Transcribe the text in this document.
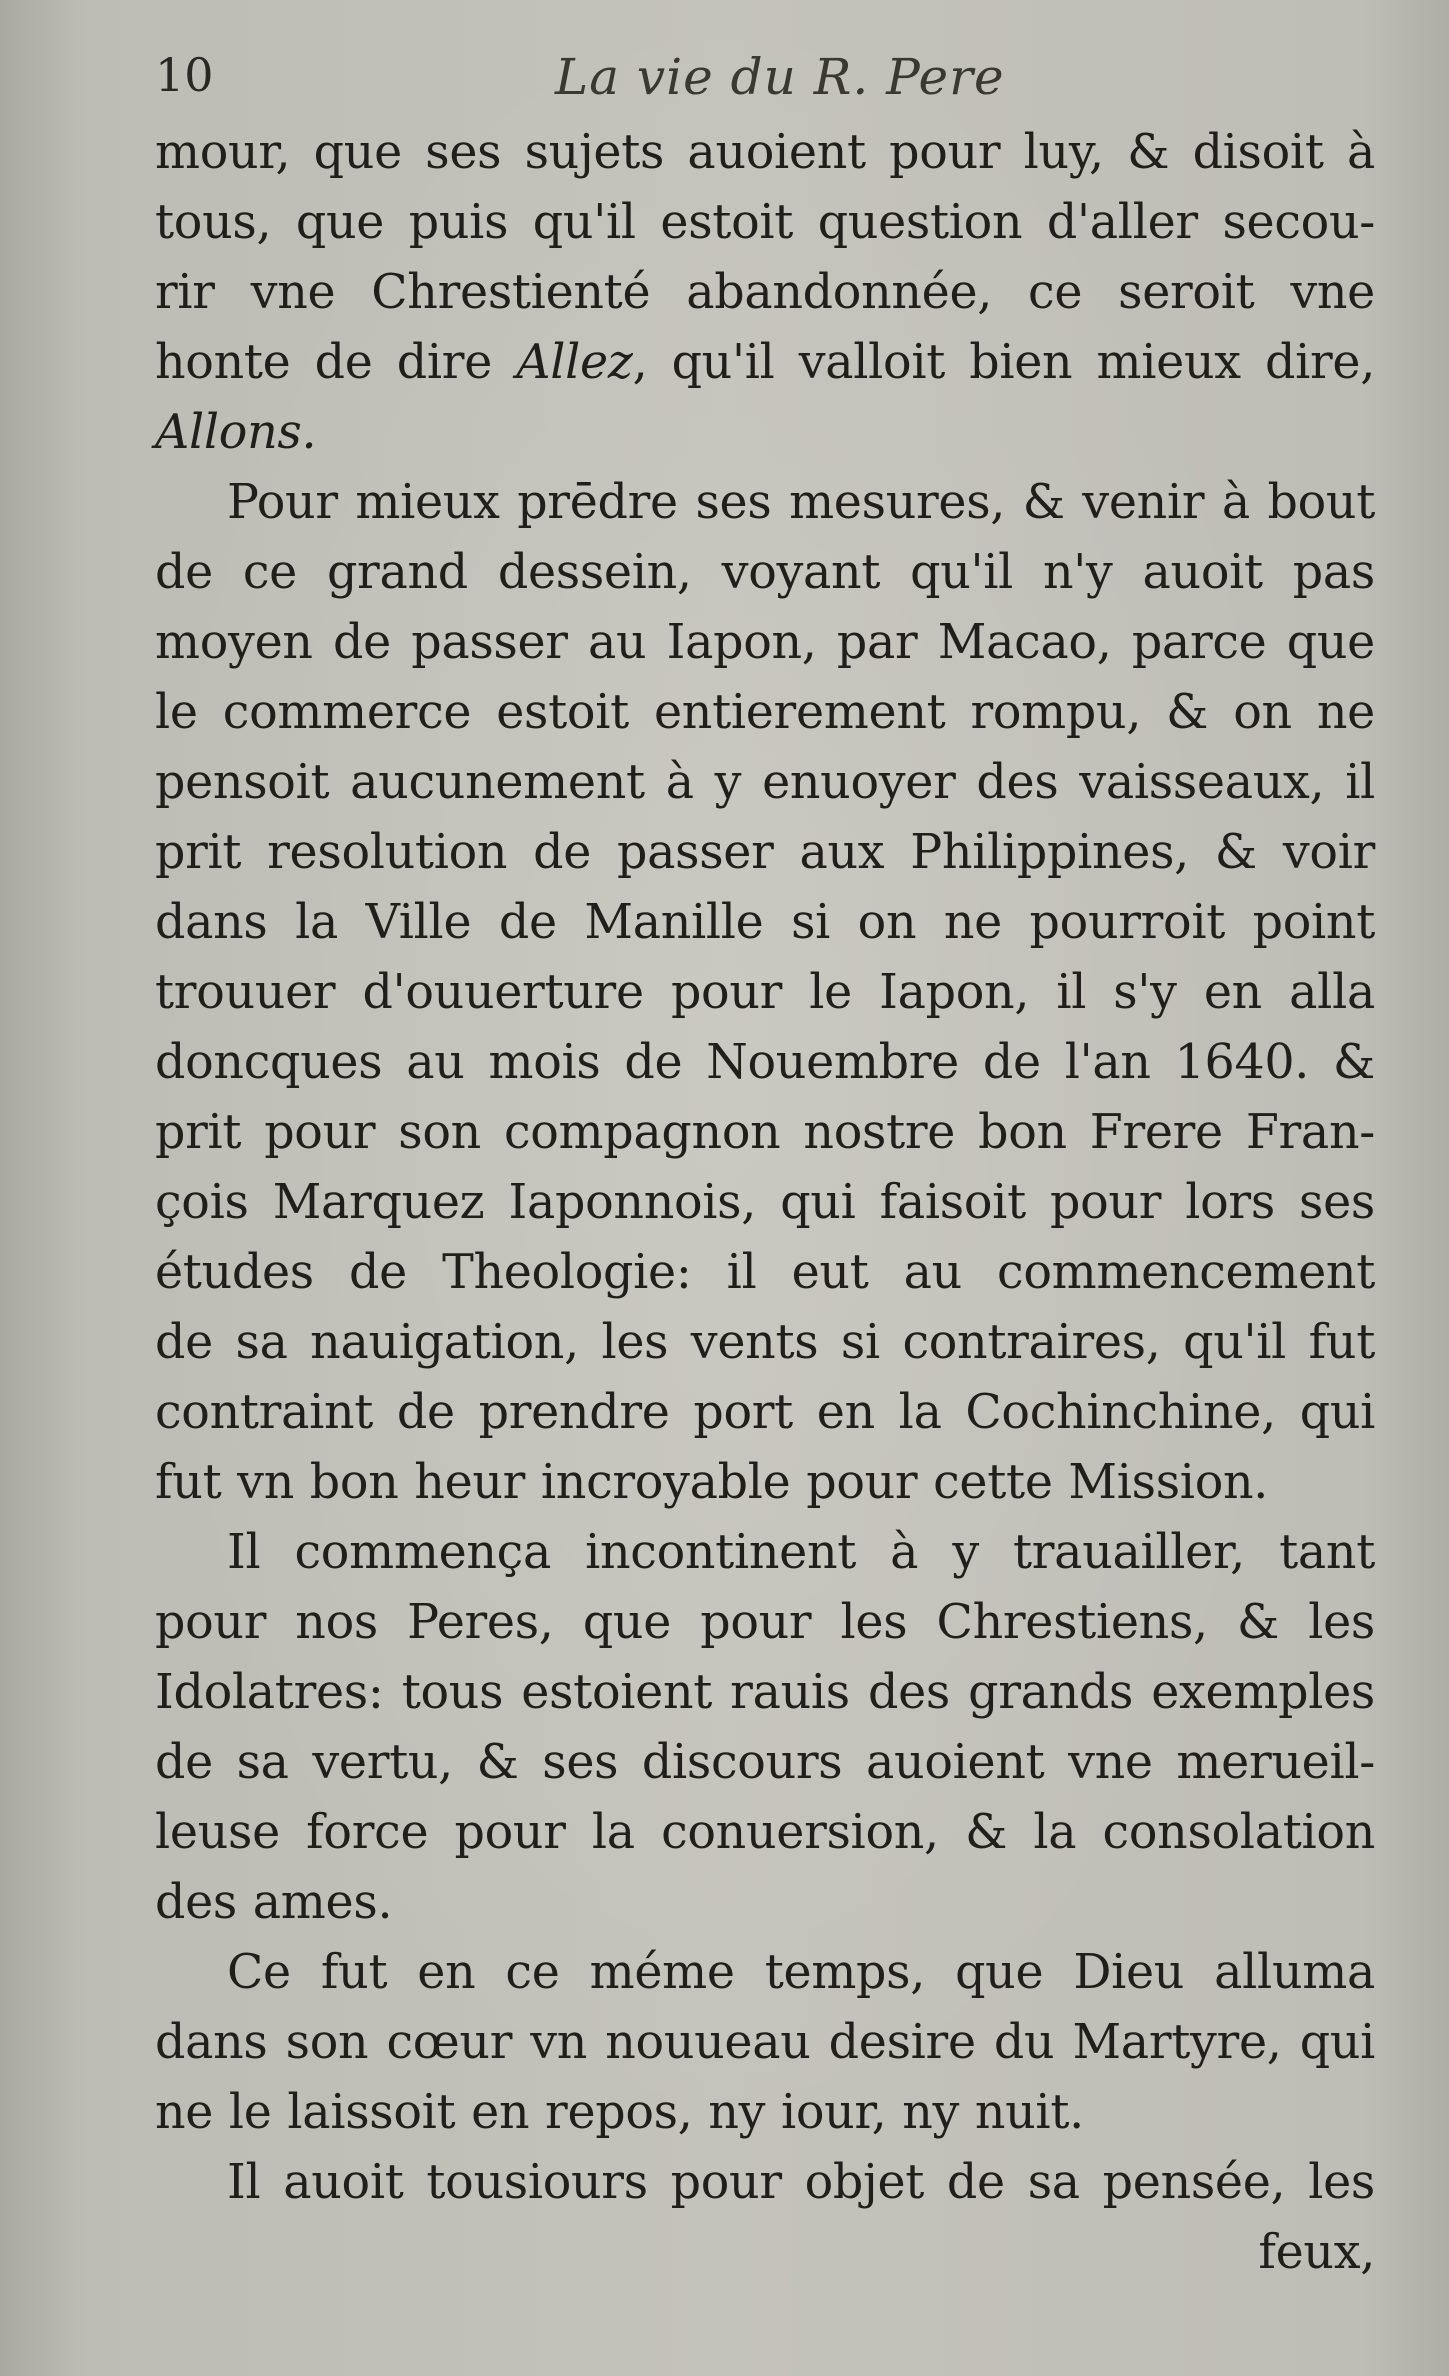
10	La vie du R. Pere
mour, que ses sujets auoient pour luy, & disoit à
tous, que puis qu'il estoit question d'aller secou-
rir vne Chrestienté abandonnée, ce seroit vne
honte de dire Allez, qu'il valloit bien mieux dire,
Allons.
Pour mieux prēdre ses mesures, & venir à bout
de ce grand dessein, voyant qu'il n'y auoit pas
moyen de passer au Iapon, par Macao, parce que
le commerce estoit entierement rompu, & on ne
pensoit aucunement à y enuoyer des vaisseaux, il
prit resolution de passer aux Philippines, & voir
dans la Ville de Manille si on ne pourroit point
trouuer d'ouuerture pour le Iapon, il s'y en alla
doncques au mois de Nouembre de l'an 1640. &
prit pour son compagnon nostre bon Frere Fran-
çois Marquez Iaponnois, qui faisoit pour lors ses
études de Theologie: il eut au commencement
de sa nauigation, les vents si contraires, qu'il fut
contraint de prendre port en la Cochinchine, qui
fut vn bon heur incroyable pour cette Mission.
Il commença incontinent à y trauailler, tant
pour nos Peres, que pour les Chrestiens, & les
Idolatres: tous estoient rauis des grands exemples
de sa vertu, & ses discours auoient vne merueil-
leuse force pour la conuersion, & la consolation
des ames.
Ce fut en ce méme temps, que Dieu alluma
dans son cœur vn nouueau desire du Martyre, qui
ne le laissoit en repos, ny iour, ny nuit.
Il auoit tousiours pour objet de sa pensée, les
feux,
